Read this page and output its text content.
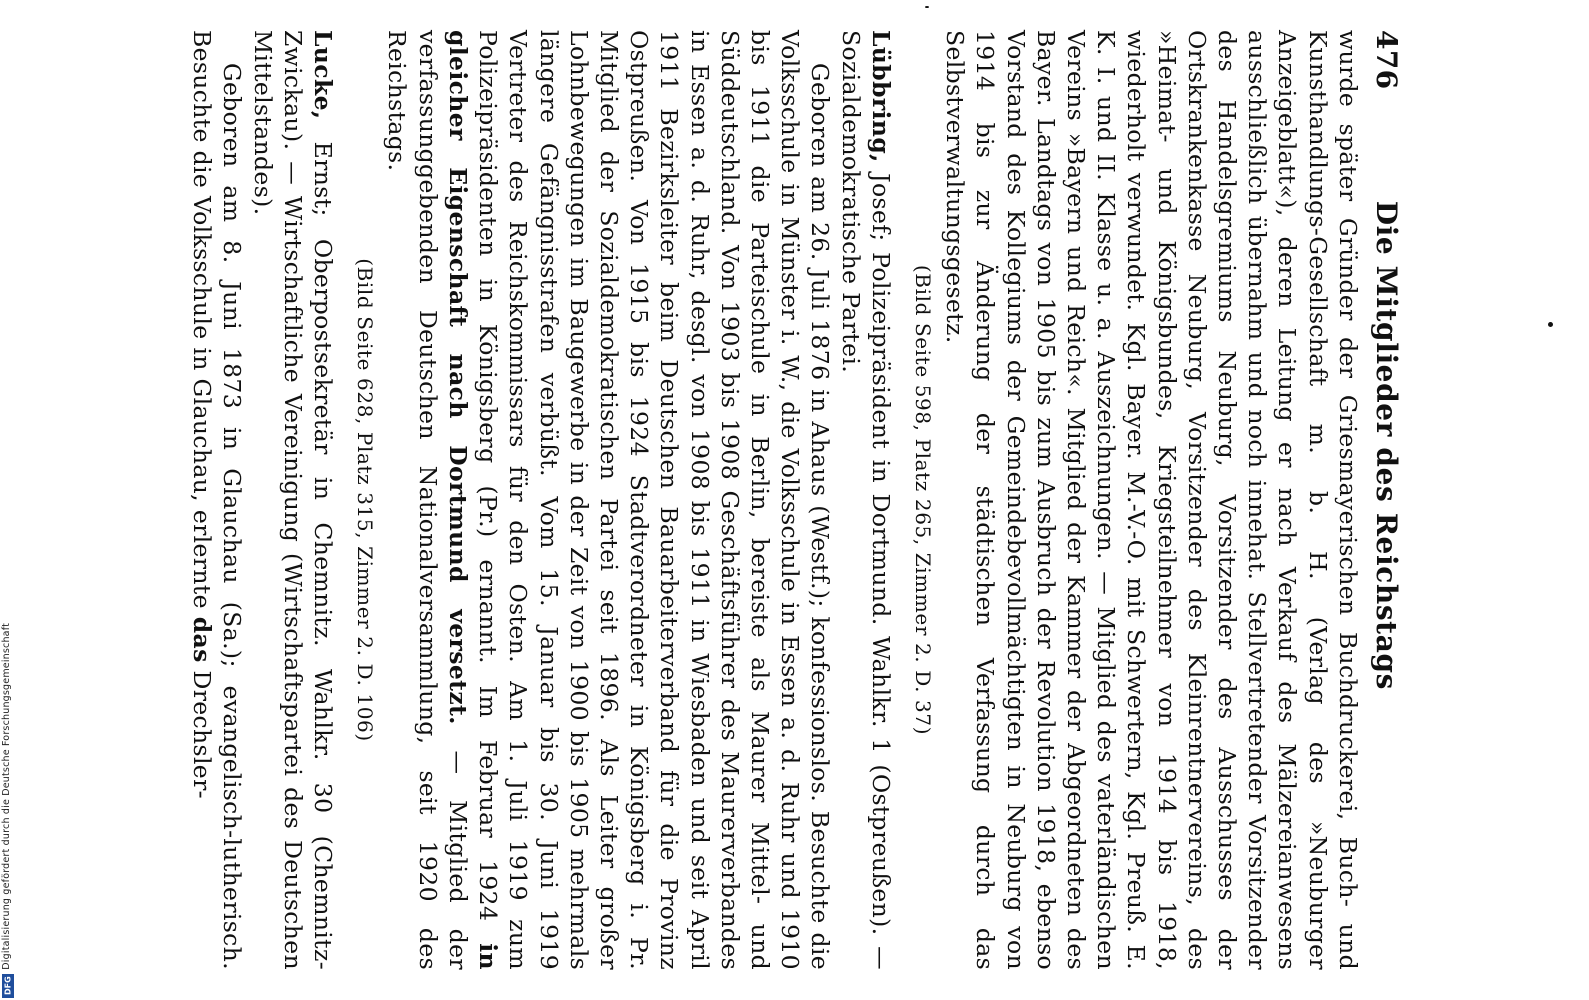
476
Die Mitglieder des Reichstags

wurde später Gründer der Griesmayerischen Buchdruckerei, Buch- und Kunsthandlungs-Gesellschaft m. b. H. (Verlag des »Neuburger Anzeigeblatt«), deren Leitung er nach Verkauf des Mälzereianwesens ausschließlich übernahm und noch innehat. Stellvertretender Vorsitzender des Handelsgremiums Neuburg, Vorsitzender des Ausschusses der Ortskrankenkasse Neuburg, Vorsitzender des Kleinrentnervereins, des »Heimat- und Königsbundes, Kriegsteilnehmer von 1914 bis 1918, wiederholt verwundet. Kgl. Bayer. M.-V.-O. mit Schwertern, Kgl. Preuß. E. K. I. und II. Klasse u. a. Auszeichnungen. — Mitglied des vaterländischen Vereins »Bayern und Reich«. Mitglied der Kammer der Abgeordneten des Bayer. Landtags von 1905 bis zum Ausbruch der Revolution 1918, ebenso Vorstand des Kollegiums der Gemeindebevollmächtigten in Neuburg von 1914 bis zur Änderung der städtischen Verfassung durch das Selbstverwaltungsgesetz.

(Bild Seite 598, Platz 265, Zimmer 2. D. 37)

Lübbring, Josef; Polizeipräsident in Dortmund. Wahlkr. 1 (Ostpreußen). — Sozialdemokratische Partei.

Geboren am 26. Juli 1876 in Ahaus (Westf.); konfessionslos. Besuchte die Volksschule in Münster i. W., die Volksschule in Essen a. d. Ruhr und 1910 bis 1911 die Parteischule in Berlin, bereiste als Maurer Mittel- und Süddeutschland. Von 1903 bis 1908 Geschäftsführer des Maurerverbandes in Essen a. d. Ruhr, desgl. von 1908 bis 1911 in Wiesbaden und seit April 1911 Bezirksleiter beim Deutschen Bauarbeiterverband für die Provinz Ostpreußen. Von 1915 bis 1924 Stadtverordneter in Königsberg i. Pr. Mitglied der Sozialdemokratischen Partei seit 1896. Als Leiter großer Lohnbewegungen im Baugewerbe in der Zeit von 1900 bis 1905 mehrmals längere Gefängnisstrafen verbüßt. Vom 15. Januar bis 30. Juni 1919 Vertreter des Reichskommissars für den Osten. Am 1. Juli 1919 zum Polizeipräsidenten in Königsberg (Pr.) ernannt. Im Februar 1924 in gleicher Eigenschaft nach Dortmund versetzt. — Mitglied der verfassunggebenden Deutschen Nationalversammlung, seit 1920 des Reichstags.

(Bild Seite 628, Platz 315, Zimmer 2. D. 106)

Lucke, Ernst; Oberpostsekretär in Chemnitz. Wahlkr. 30 (Chemnitz-Zwickau). — Wirtschaftliche Vereinigung (Wirtschaftspartei des Deutschen Mittelstandes).

Geboren am 8. Juni 1873 in Glauchau (Sa.); evangelisch-lutherisch. Besuchte die Volksschule in Glauchau, erlernte das Drechsler-

Digitalisierung gefördert durch die Deutsche Forschungsgemeinschaft
DFG
